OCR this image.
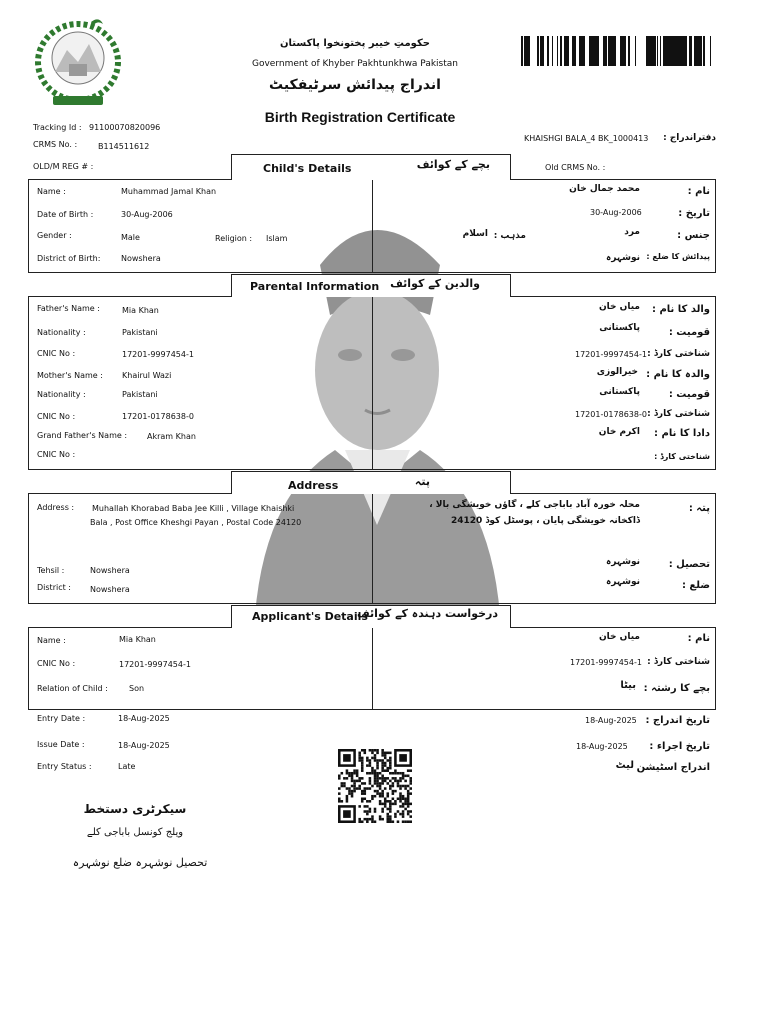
حکومتِ خیبر پختونخوا پاکستان
Government of Khyber Pakhtunkhwa Pakistan
اندراج پیدائش سرٹیفکیٹ
Birth Registration Certificate
Tracking Id : 91100070820096
CRMS No. :	B114511612
OLD/M REG # :	Old CRMS No. :
KHAISHGI BALA_4 BK_1000413	دفتراندراج :
Child's Details	بچے کے کوائف
Name :	Muhammad Jamal Khan
Date of Birth :	30-Aug-2006
Gender :	Male	Religion : Islam
District of Birth:	Nowshera
نام :
محمد جمال خان
تاریخ :
30-Aug-2006
جنس :
مرد
مذہب :
اسلام
پیدائش کا ضلع :
نوشہرہ
Parental Information والدین کے کوائف
Father's Name :	Mia Khan
Nationality :	Pakistani
CNIC No :	17201-9997454-1
Mother's Name : Khairul Wazi
Nationality :	Pakistani
CNIC No :	17201-0178638-0
Grand Father's Name : Akram Khan
CNIC No :
والد کا نام :
میاں خان
قومیت :
پاکستانی
شناختی کارڈ :
17201-9997454-1
والدہ کا نام :
خیرالوزی
قومیت :
پاکستانی
شناختی کارڈ :
17201-0178638-0
دادا کا نام :
اکرم خان
شناختی کارڈ :
Address	پتہ
Address : Muhallah Khorabad Baba Jee Killi , Village Khaishki
Bala , Post Office Kheshgi Payan , Postal Code 24120
Tehsil :	Nowshera
District : Nowshera
پتہ :
محلہ خورہ آباد باباجی کلے ، گاؤں خویشگی بالا ،
ڈاکخانہ خویشگی پایان ، پوسٹل کوڈ 24120
تحصیل :
نوشہرہ
ضلع :
نوشہرہ
Applicant's Details
درخواست دہندہ کے کوائف
Name :	Mia Khan
CNIC No :	17201-9997454-1
Relation of Child :	Son
نام :
میاں خان
شناختی کارڈ :
17201-9997454-1
بچے کا رشتہ :
بیٹا
Entry Date :	18-Aug-2025
Issue Date :	18-Aug-2025
Entry Status :	Late
تاریخ اندراج :
18-Aug-2025
تاریخ اجراء :
18-Aug-2025
اندراج اسٹیشن
لیٹ
سیکرٹری دستخط
ویلج کونسل باباجی کلے
تحصیل نوشہرہ ضلع نوشہرہ
